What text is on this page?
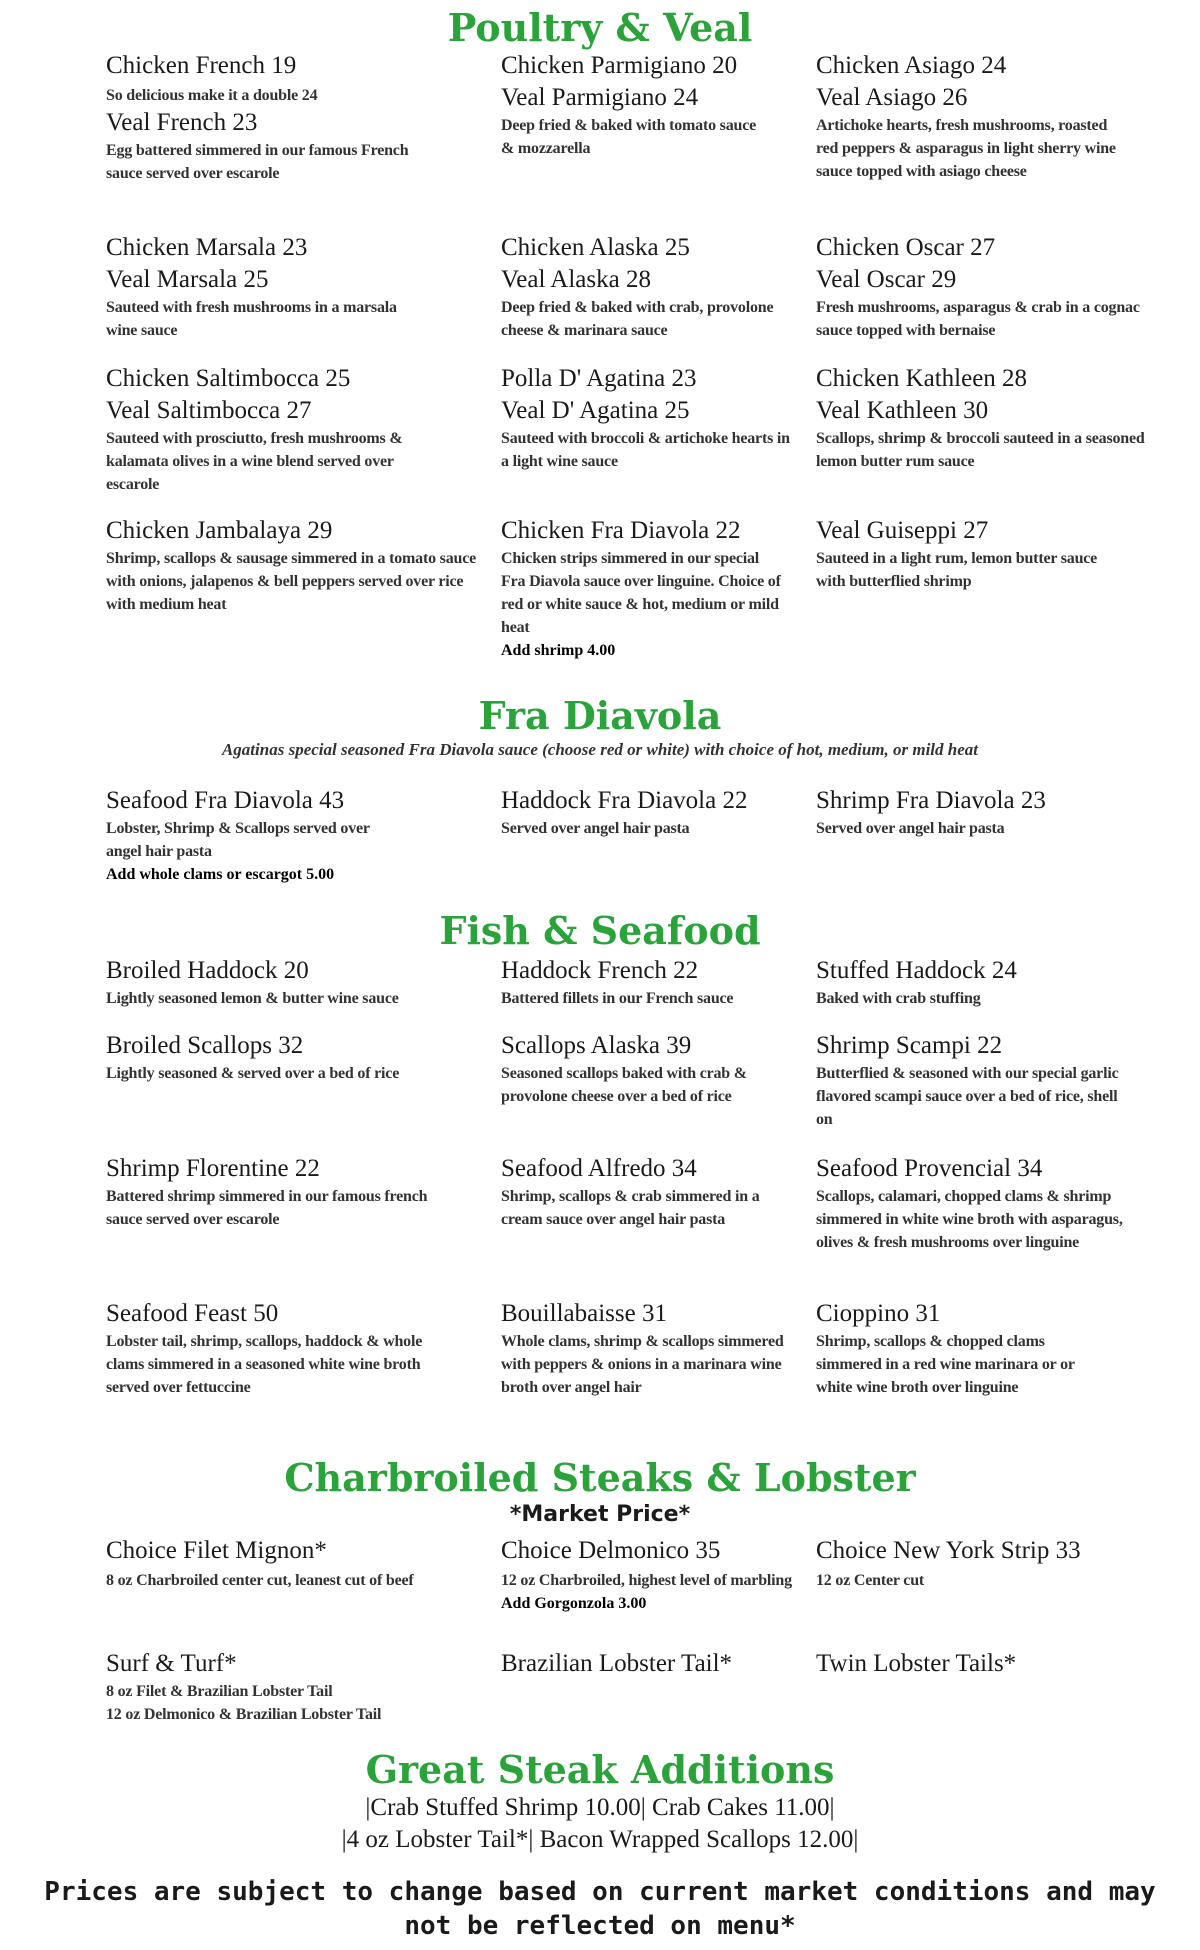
Poultry & Veal
Chicken French 19
So delicious make it a double 24
Veal French 23
Egg battered simmered in our famous French sauce served over escarole
Chicken Parmigiano 20
Veal Parmigiano 24
Deep fried & baked with tomato sauce & mozzarella
Chicken Asiago 24
Veal Asiago 26
Artichoke hearts, fresh mushrooms, roasted red peppers & asparagus in light sherry wine sauce topped with asiago cheese
Chicken Marsala 23
Veal Marsala 25
Sauteed with fresh mushrooms in a marsala wine sauce
Chicken Alaska 25
Veal Alaska 28
Deep fried & baked with crab, provolone cheese & marinara sauce
Chicken Oscar 27
Veal Oscar 29
Fresh mushrooms, asparagus & crab in a cognac sauce topped with bernaise
Chicken Saltimbocca 25
Veal Saltimbocca 27
Sauteed with prosciutto, fresh mushrooms & kalamata olives in a wine blend served over escarole
Polla D' Agatina 23
Veal D' Agatina 25
Sauteed with broccoli & artichoke hearts in a light wine sauce
Chicken Kathleen 28
Veal Kathleen 30
Scallops, shrimp & broccoli sauteed in a seasoned lemon butter rum sauce
Chicken Jambalaya 29
Shrimp, scallops & sausage simmered in a tomato sauce with onions, jalapenos & bell peppers served over rice with medium heat
Chicken Fra Diavola 22
Chicken strips simmered in our special Fra Diavola sauce over linguine. Choice of red or white sauce & hot, medium or mild heat
Add shrimp 4.00
Veal Guiseppi 27
Sauteed in a light rum, lemon butter sauce with butterflied shrimp
Fra Diavola
Agatinas special seasoned Fra Diavola sauce (choose red or white) with choice of hot, medium, or mild heat
Seafood Fra Diavola 43
Lobster, Shrimp & Scallops served over angel hair pasta
Add whole clams or escargot 5.00
Haddock Fra Diavola 22
Served over angel hair pasta
Shrimp Fra Diavola 23
Served over angel hair pasta
Fish & Seafood
Broiled Haddock 20
Lightly seasoned lemon & butter wine sauce
Haddock French 22
Battered fillets in our French sauce
Stuffed Haddock 24
Baked with crab stuffing
Broiled Scallops 32
Lightly seasoned & served over a bed of rice
Scallops Alaska 39
Seasoned scallops baked with crab & provolone cheese over a bed of rice
Shrimp Scampi 22
Butterflied & seasoned with our special garlic flavored scampi sauce over a bed of rice, shell on
Shrimp Florentine 22
Battered shrimp simmered in our famous french sauce served over escarole
Seafood Alfredo 34
Shrimp, scallops & crab simmered in a cream sauce over angel hair pasta
Seafood Provencial 34
Scallops, calamari, chopped clams & shrimp simmered in white wine broth with asparagus, olives & fresh mushrooms over linguine
Seafood Feast 50
Lobster tail, shrimp, scallops, haddock & whole clams simmered in a seasoned white wine broth served over fettuccine
Bouillabaisse 31
Whole clams, shrimp & scallops simmered with peppers & onions in a marinara wine broth over angel hair
Cioppino 31
Shrimp, scallops & chopped clams simmered in a red wine marinara or or white wine broth over linguine
Charbroiled Steaks & Lobster
*Market Price*
Choice Filet Mignon*
8 oz Charbroiled center cut, leanest cut of beef
Choice Delmonico 35
12 oz Charbroiled, highest level of marbling Add Gorgonzola 3.00
Choice New York Strip 33
12 oz Center cut
Surf & Turf*
8 oz Filet & Brazilian Lobster Tail
12 oz Delmonico & Brazilian Lobster Tail
Brazilian Lobster Tail*	Twin Lobster Tails*
Great Steak Additions
|Crab Stuffed Shrimp 10.00| Crab Cakes 11.00|
|4 oz Lobster Tail*| Bacon Wrapped Scallops 12.00|
Prices are subject to change based on current market conditions and may not be reflected on menu*
